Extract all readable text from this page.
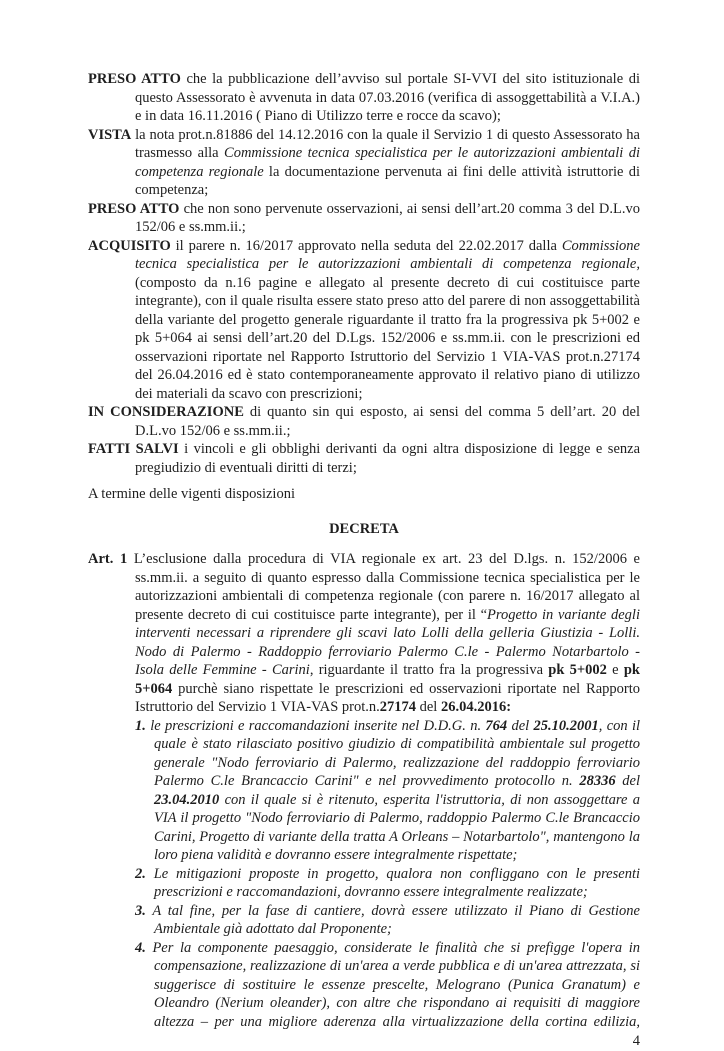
PRESO ATTO che la pubblicazione dell’avviso sul portale SI-VVI del sito istituzionale di questo Assessorato è avvenuta in data 07.03.2016 (verifica di assoggettabilità a V.I.A.) e in data 16.11.2016 ( Piano di Utilizzo terre e rocce da scavo);

VISTA la nota prot.n.81886 del 14.12.2016 con la quale il Servizio 1 di questo Assessorato ha trasmesso alla Commissione tecnica specialistica per le autorizzazioni ambientali di competenza regionale la documentazione pervenuta ai fini delle attività istruttorie di competenza;

PRESO ATTO che non sono pervenute osservazioni, ai sensi dell’art.20 comma 3 del D.L.vo 152/06 e ss.mm.ii.;

ACQUISITO il parere n. 16/2017 approvato nella seduta del 22.02.2017 dalla Commissione tecnica specialistica per le autorizzazioni ambientali di competenza regionale, (composto da n.16 pagine e allegato al presente decreto di cui costituisce parte integrante), con il quale risulta essere stato preso atto del parere di non assoggettabilità della variante del progetto generale riguardante il tratto fra la progressiva pk 5+002 e pk 5+064 ai sensi dell’art.20 del D.Lgs. 152/2006 e ss.mm.ii. con le prescrizioni ed osservazioni riportate nel Rapporto Istruttorio del Servizio 1 VIA-VAS prot.n.27174 del 26.04.2016 ed è stato contemporaneamente approvato il relativo piano di utilizzo dei materiali da scavo con prescrizioni;

IN CONSIDERAZIONE di quanto sin qui esposto, ai sensi del comma 5 dell’art. 20 del D.L.vo 152/06 e ss.mm.ii.;

FATTI SALVI i vincoli e gli obblighi derivanti da ogni altra disposizione di legge e senza pregiudizio di eventuali diritti di terzi;

A termine delle vigenti disposizioni

DECRETA

Art. 1 L’esclusione dalla procedura di VIA regionale ex art. 23 del D.lgs. n. 152/2006 e ss.mm.ii. a seguito di quanto espresso dalla Commissione tecnica specialistica per le autorizzazioni ambientali di competenza regionale (con parere n. 16/2017 allegato al presente decreto di cui costituisce parte integrante), per il “Progetto in variante degli interventi necessari a riprendere gli scavi lato Lolli della gelleria Giustizia - Lolli. Nodo di Palermo - Raddoppio ferroviario Palermo C.le - Palermo Notarbartolo - Isola delle Femmine - Carini, riguardante il tratto fra la progressiva pk 5+002 e pk 5+064 purchè siano rispettate le prescrizioni ed osservazioni riportate nel Rapporto Istruttorio del Servizio 1 VIA-VAS prot.n.27174 del 26.04.2016:

1. le prescrizioni e raccomandazioni inserite nel D.D.G. n. 764 del 25.10.2001, con il quale è stato rilasciato positivo giudizio di compatibilità ambientale sul progetto generale "Nodo ferroviario di Palermo, realizzazione del raddoppio ferroviario Palermo C.le Brancaccio Carini" e nel provvedimento protocollo n. 28336 del 23.04.2010 con il quale si è ritenuto, esperita l'istruttoria, di non assoggettare a VIA il progetto "Nodo ferroviario di Palermo, raddoppio Palermo C.le Brancaccio Carini, Progetto di variante della tratta A Orleans – Notarbartolo", mantengono la loro piena validità e dovranno essere integralmente rispettate;
2. Le mitigazioni proposte in progetto, qualora non confliggano con le presenti prescrizioni e raccomandazioni, dovranno essere integralmente realizzate;
3. A tal fine, per la fase di cantiere, dovrà essere utilizzato il Piano di Gestione Ambientale già adottato dal Proponente;
4. Per la componente paesaggio, considerate le finalità che si prefigge l'opera in compensazione, realizzazione di un'area a verde pubblica e di un'area attrezzata, si suggerisce di sostituire le essenze prescelte, Melograno (Punica Granatum) e Oleandro (Nerium oleander), con altre che rispondano ai requisiti di maggiore altezza – per una migliore aderenza alla virtualizzazione della cortina edilizia,
4
